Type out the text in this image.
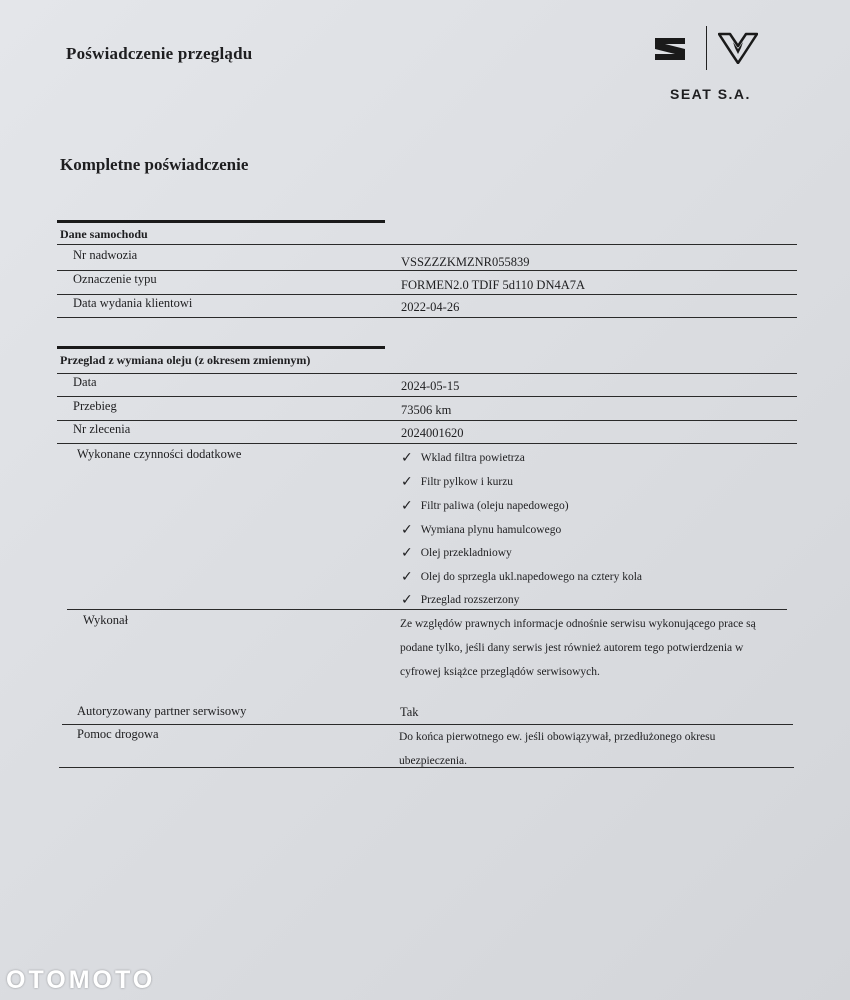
Poświadczenie przeglądu
SEAT S.A.
Kompletne poświadczenie
Dane samochodu
Nr nadwozia	VSSZZZKMZNR055839
Oznaczenie typu	FORMEN2.0 TDIF 5d110 DN4A7A
Data wydania klientowi	2022-04-26
Przeglad z wymiana oleju (z okresem zmiennym)
Data	2024-05-15
Przebieg	73506 km
Nr zlecenia	2024001620
Wykonane czynności dodatkowe	✓ Wklad filtra powietrza
✓ Filtr pylkow i kurzu
✓ Filtr paliwa (oleju napedowego)
✓ Wymiana plynu hamulcowego
✓ Olej przekladniowy
✓ Olej do sprzegla ukl.napedowego na cztery kola
✓ Przeglad rozszerzony
Wykonał	Ze względów prawnych informacje odnośnie serwisu wykonującego prace są podane tylko, jeśli dany serwis jest również autorem tego potwierdzenia w cyfrowej książce przeglądów serwisowych.
Autoryzowany partner serwisowy	Tak
Pomoc drogowa	Do końca pierwotnego ew. jeśli obowiązywał, przedłużonego okresu ubezpieczenia.
OTOMOTO
